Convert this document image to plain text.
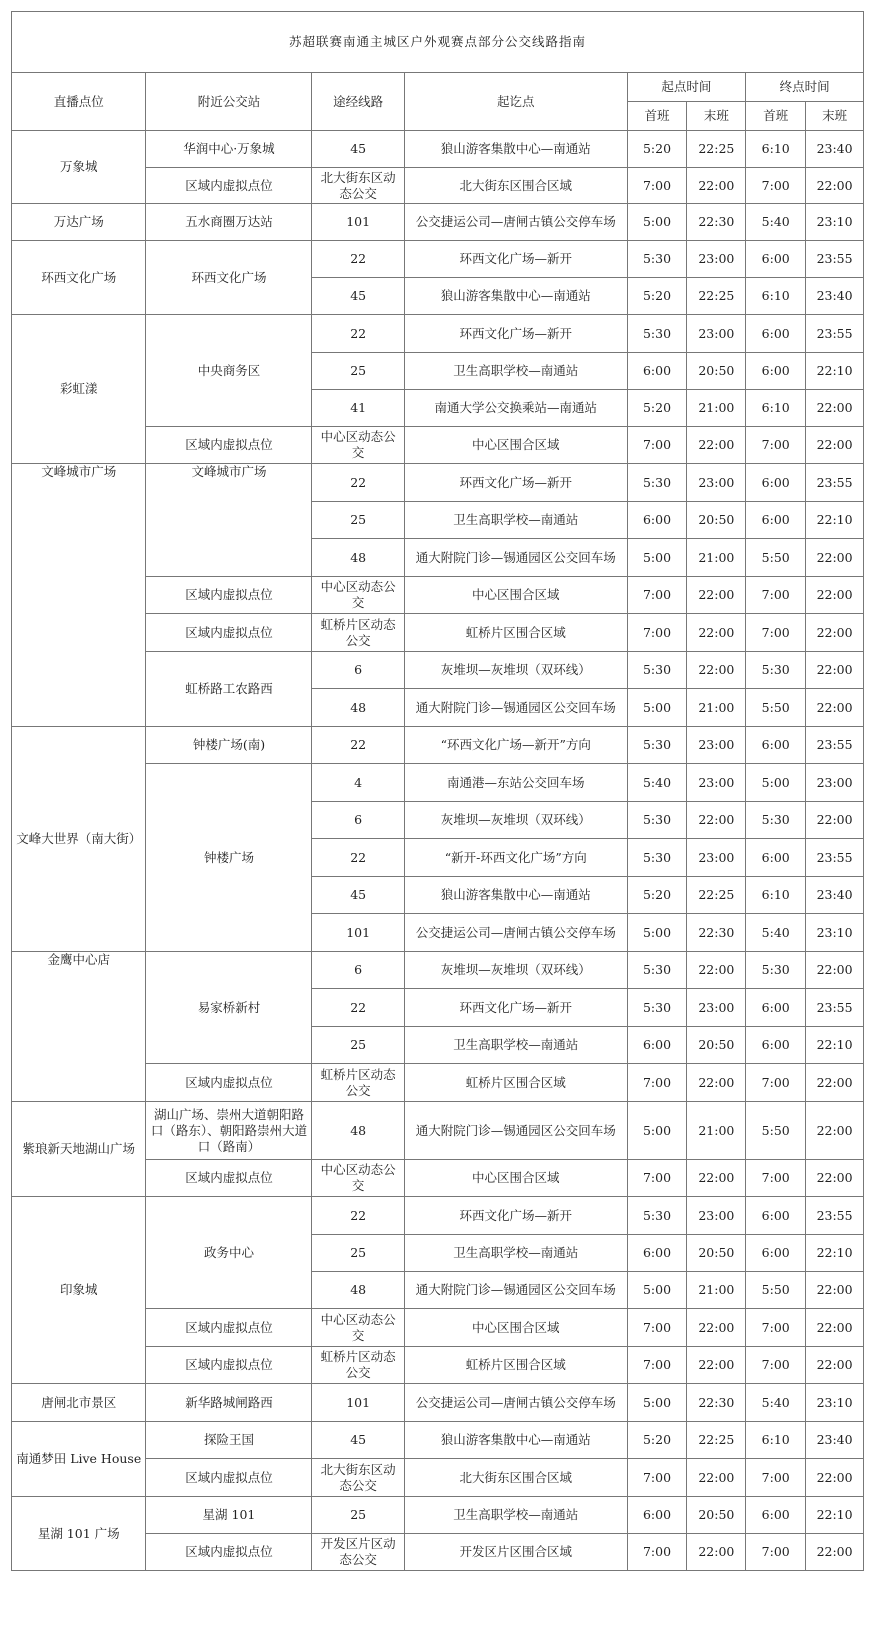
苏超联赛南通主城区户外观赛点部分公交线路指南							
直播点位	附近公交站	途经线路	起讫点	起点时间		终点时间	
				首班	末班	首班	末班
万象城	华润中心·万象城	45	狼山游客集散中心—南通站	5:20	22:25	6:10	23:40
	区域内虚拟点位	北大街东区动态公交	北大街东区围合区域	7:00	22:00	7:00	22:00
万达广场	五水商圈万达站	101	公交捷运公司—唐闸古镇公交停车场	5:00	22:30	5:40	23:10
环西文化广场	环西文化广场	22	环西文化广场—新开	5:30	23:00	6:00	23:55
		45	狼山游客集散中心—南通站	5:20	22:25	6:10	23:40
彩虹漾	中央商务区	22	环西文化广场—新开	5:30	23:00	6:00	23:55
		25	卫生高职学校—南通站	6:00	20:50	6:00	22:10
		41	南通大学公交换乘站—南通站	5:20	21:00	6:10	22:00
	区域内虚拟点位	中心区动态公交	中心区围合区域	7:00	22:00	7:00	22:00
文峰城市广场	文峰城市广场	22	环西文化广场—新开	5:30	23:00	6:00	23:55
		25	卫生高职学校—南通站	6:00	20:50	6:00	22:10
		48	通大附院门诊—锡通园区公交回车场	5:00	21:00	5:50	22:00
	区域内虚拟点位	中心区动态公交	中心区围合区域	7:00	22:00	7:00	22:00
	区域内虚拟点位	虹桥片区动态公交	虹桥片区围合区域	7:00	22:00	7:00	22:00
	虹桥路工农路西	6	灰堆坝—灰堆坝（双环线）	5:30	22:00	5:30	22:00
		48	通大附院门诊—锡通园区公交回车场	5:00	21:00	5:50	22:00
文峰大世界（南大街）	钟楼广场(南)	22	“环西文化广场—新开”方向	5:30	23:00	6:00	23:55
	钟楼广场	4	南通港—东站公交回车场	5:40	23:00	5:00	23:00
		6	灰堆坝—灰堆坝（双环线）	5:30	22:00	5:30	22:00
		22	“新开-环西文化广场”方向	5:30	23:00	6:00	23:55
		45	狼山游客集散中心—南通站	5:20	22:25	6:10	23:40
		101	公交捷运公司—唐闸古镇公交停车场	5:00	22:30	5:40	23:10
金鹰中心店	易家桥新村	6	灰堆坝—灰堆坝（双环线）	5:30	22:00	5:30	22:00
		22	环西文化广场—新开	5:30	23:00	6:00	23:55
		25	卫生高职学校—南通站	6:00	20:50	6:00	22:10
	区域内虚拟点位	虹桥片区动态公交	虹桥片区围合区域	7:00	22:00	7:00	22:00
紫琅新天地湖山广场	湖山广场、崇州大道朝阳路口（路东）、朝阳路崇州大道口（路南）	48	通大附院门诊—锡通园区公交回车场	5:00	21:00	5:50	22:00
	区域内虚拟点位	中心区动态公交	中心区围合区域	7:00	22:00	7:00	22:00
印象城	政务中心	22	环西文化广场—新开	5:30	23:00	6:00	23:55
		25	卫生高职学校—南通站	6:00	20:50	6:00	22:10
		48	通大附院门诊—锡通园区公交回车场	5:00	21:00	5:50	22:00
	区域内虚拟点位	中心区动态公交	中心区围合区域	7:00	22:00	7:00	22:00
	区域内虚拟点位	虹桥片区动态公交	虹桥片区围合区域	7:00	22:00	7:00	22:00
唐闸北市景区	新华路城闸路西	101	公交捷运公司—唐闸古镇公交停车场	5:00	22:30	5:40	23:10
南通梦田 Live House	探险王国	45	狼山游客集散中心—南通站	5:20	22:25	6:10	23:40
	区域内虚拟点位	北大街东区动态公交	北大街东区围合区域	7:00	22:00	7:00	22:00
星湖 101 广场	星湖 101	25	卫生高职学校—南通站	6:00	20:50	6:00	22:10
	区域内虚拟点位	开发区片区动态公交	开发区片区围合区域	7:00	22:00	7:00	22:00
